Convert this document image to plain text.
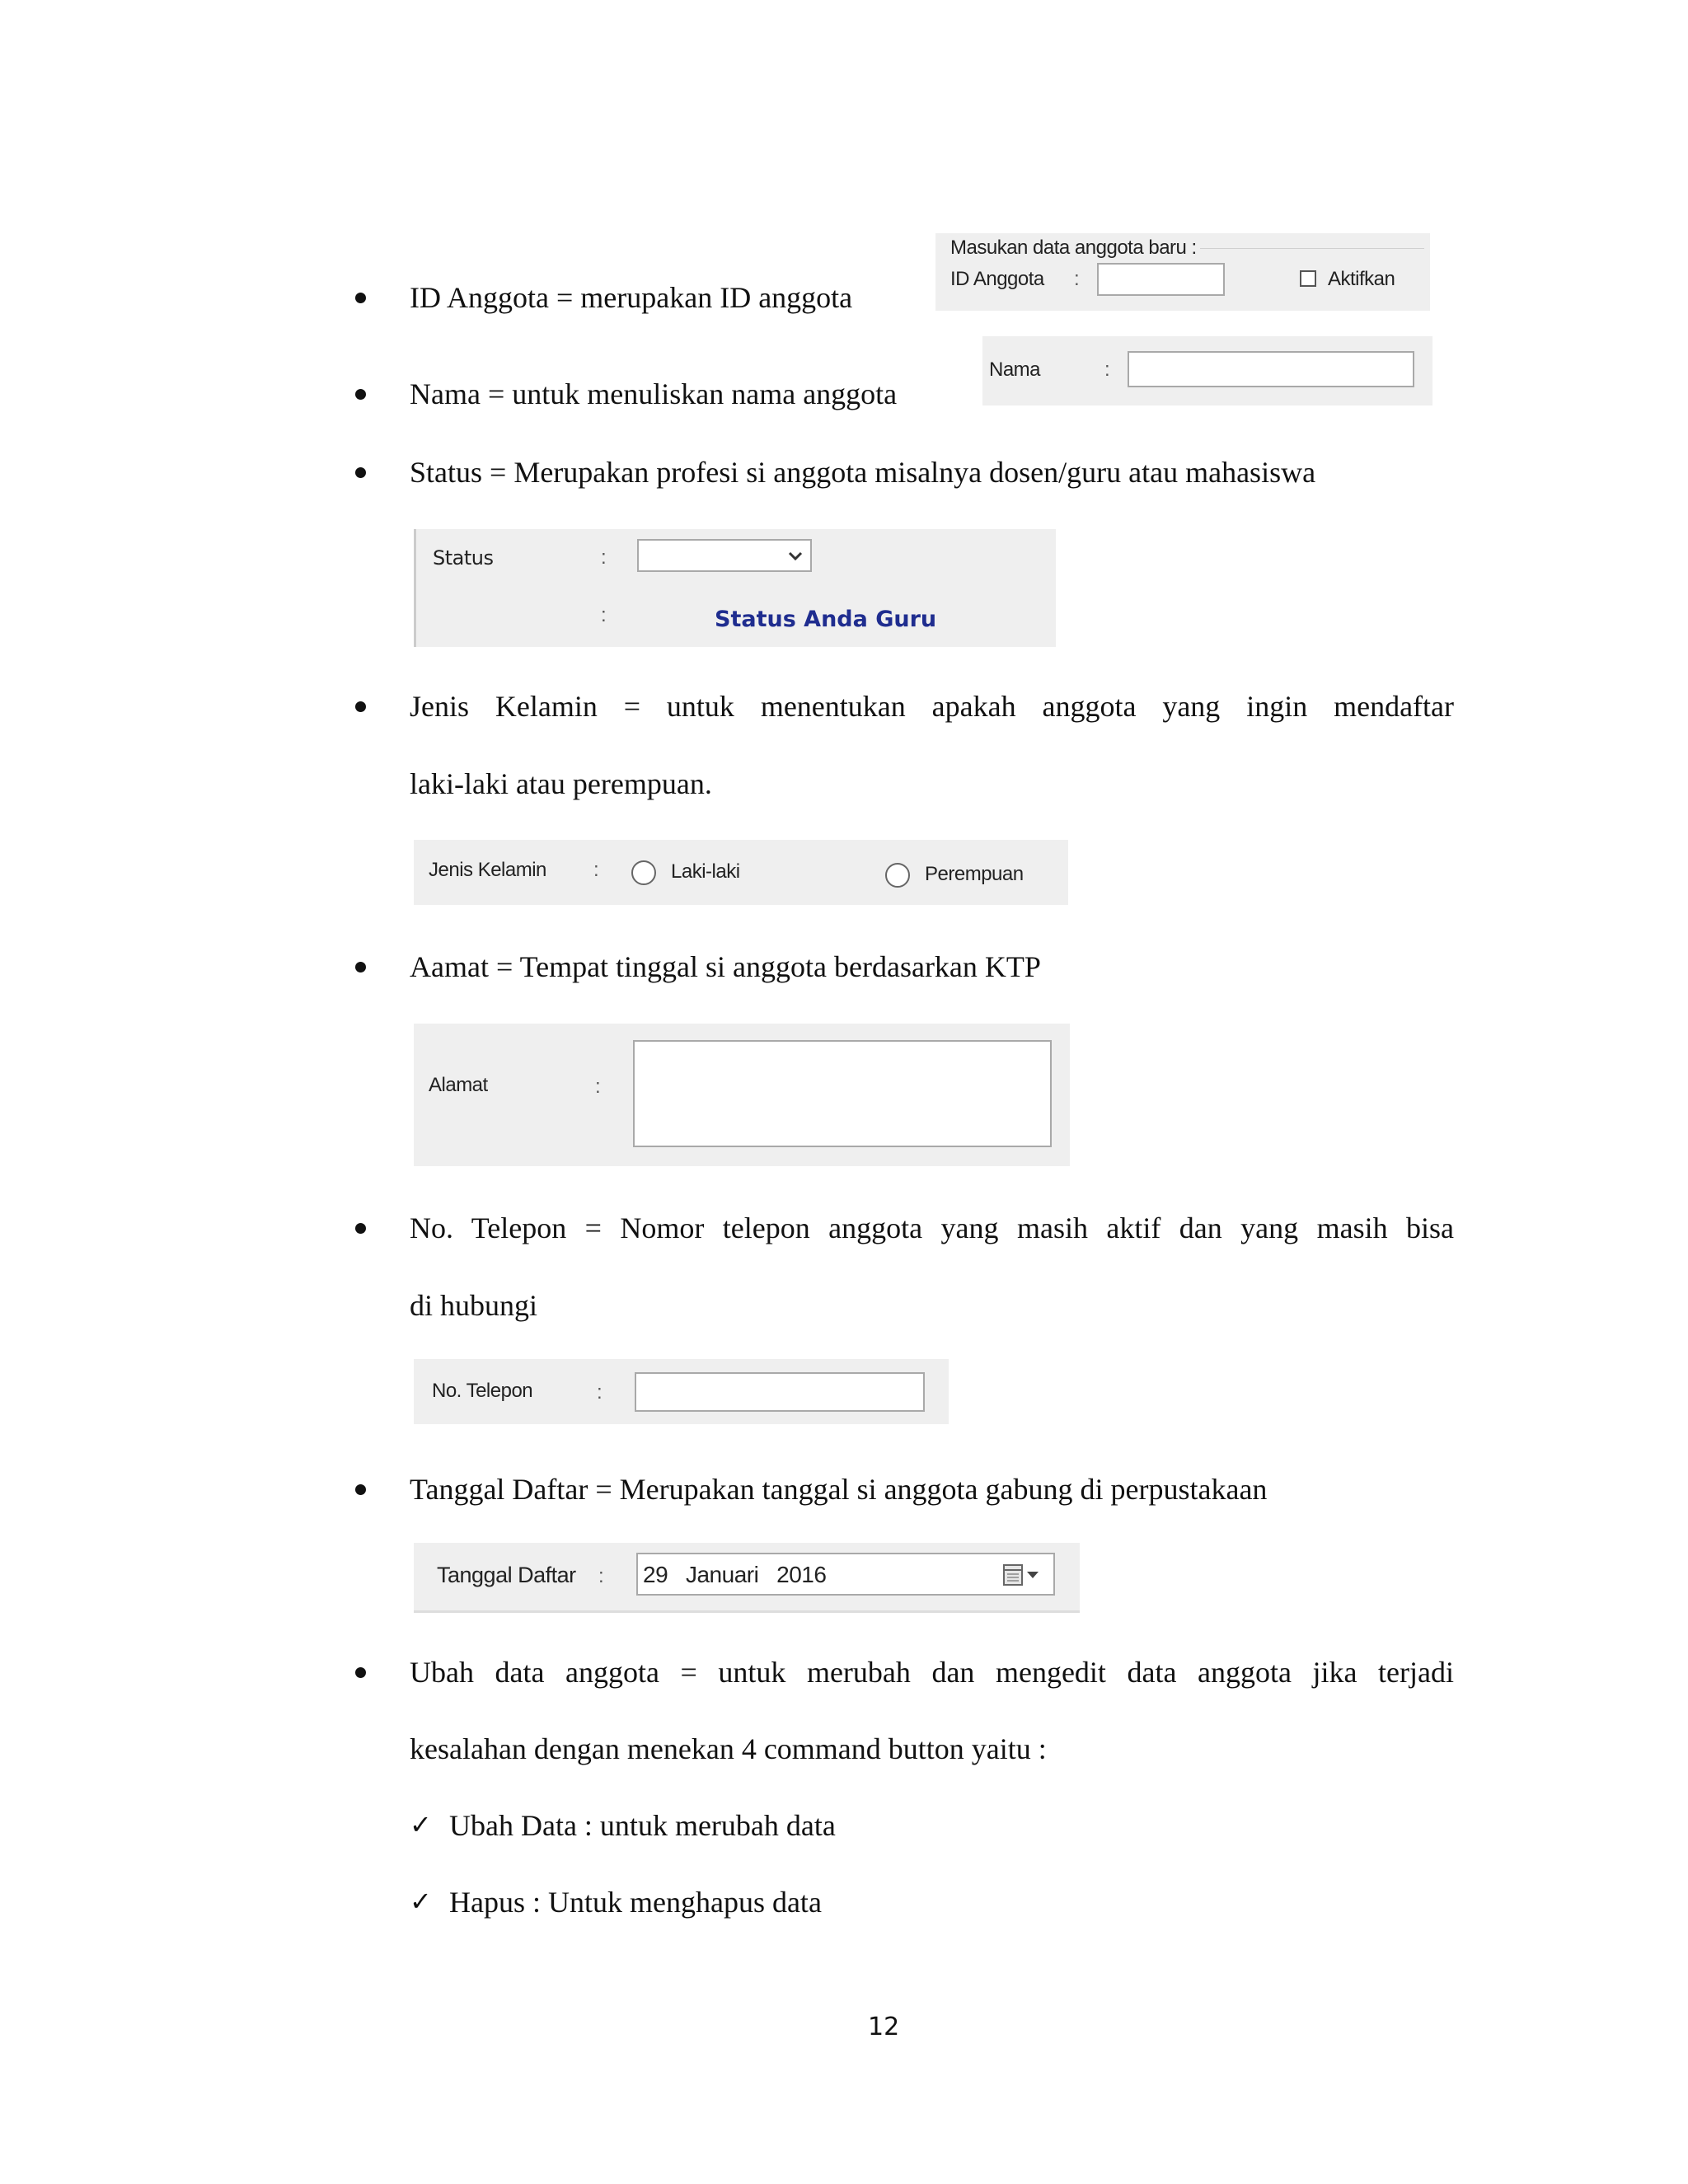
ID Anggota = merupakan ID anggota
Masukan data anggota baru :
ID Anggota :	Aktifkan
Nama = untuk menuliskan nama anggota
Nama	:
Status = Merupakan profesi si anggota misalnya dosen/guru atau mahasiswa
Status	:
:	Status Anda Guru
Jenis Kelamin = untuk menentukan apakah anggota yang ingin mendaftar
laki-laki atau perempuan.
Jenis Kelamin :	Laki-laki	Perempuan
Aamat = Tempat tinggal si anggota berdasarkan KTP
Alamat	:
No. Telepon = Nomor telepon anggota yang masih aktif dan yang masih bisa
di hubungi
No. Telepon	:
Tanggal Daftar = Merupakan tanggal si anggota gabung di perpustakaan
Tanggal Daftar : 29   Januari   2016
Ubah data anggota = untuk merubah dan mengedit data anggota jika terjadi
kesalahan dengan menekan 4 command button yaitu :
✓ Ubah Data : untuk merubah data
✓ Hapus : Untuk menghapus data
12
